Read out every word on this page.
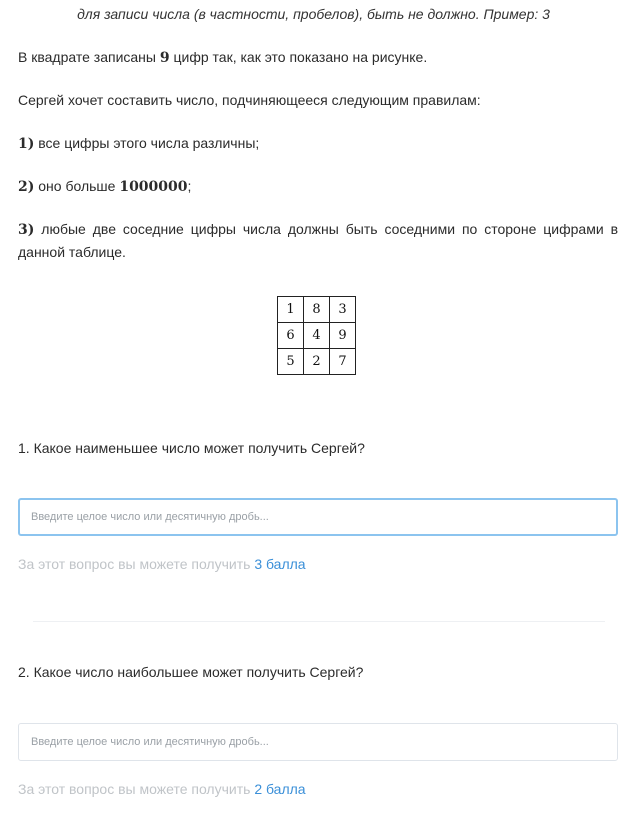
для записи числа (в частности, пробелов), быть не должно. Пример: 3
В квадрате записаны 9 цифр так, как это показано на рисунке.
Сергей хочет составить число, подчиняющееся следующим правилам:
1) все цифры этого числа различны;
2) оно больше 1000000;
3) любые две соседние цифры числа должны быть соседними по стороне цифрами в данной таблице.
1	8	3
6	4	9
5	2	7
1. Какое наименьшее число может получить Сергей?
Введите целое число или десятичную дробь...
За этот вопрос вы можете получить 3 балла
2. Какое число наибольшее может получить Сергей?
Введите целое число или десятичную дробь...
За этот вопрос вы можете получить 2 балла
